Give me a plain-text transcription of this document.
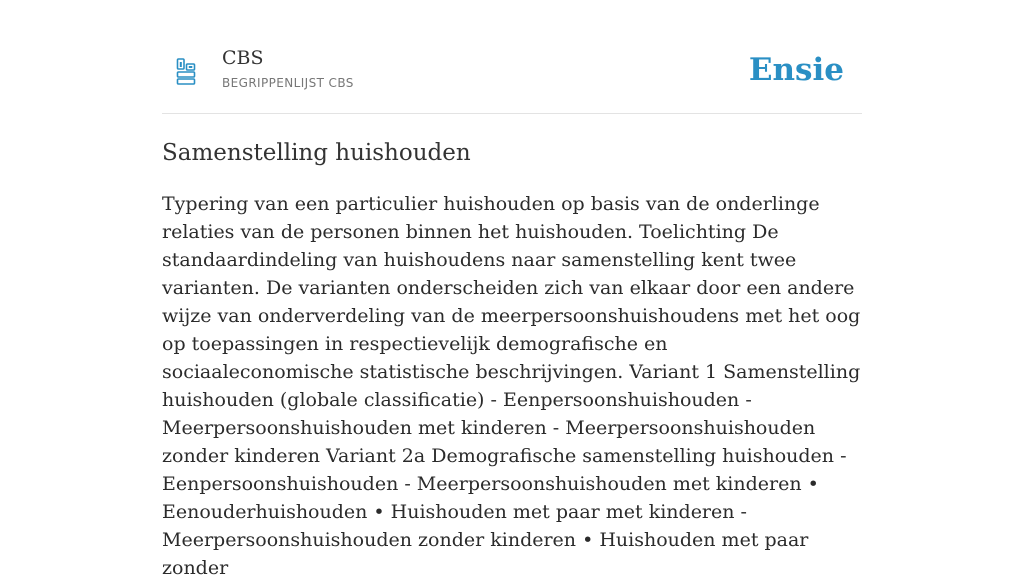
CBS
BEGRIPPENLIJST CBS	Ensie
Samenstelling huishouden

Typering van een particulier huishouden op basis van de onderlinge relaties van de personen binnen het huishouden. Toelichting De standaardindeling van huishoudens naar samenstelling kent twee varianten. De varianten onderscheiden zich van elkaar door een andere wijze van onderverdeling van de meerpersoonshuishoudens met het oog op toepassingen in respectievelijk demografische en sociaaleconomische statistische beschrijvingen. Variant 1 Samenstelling huishouden (globale classificatie) - Eenpersoonshuishouden - Meerpersoonshuishouden met kinderen - Meerpersoonshuishouden zonder kinderen Variant 2a Demografische samenstelling huishouden - Eenpersoonshuishouden - Meerpersoonshuishouden met kinderen • Eenouderhuishouden • Huishouden met paar met kinderen - Meerpersoonshuishouden zonder kinderen • Huishouden met paar zonder
